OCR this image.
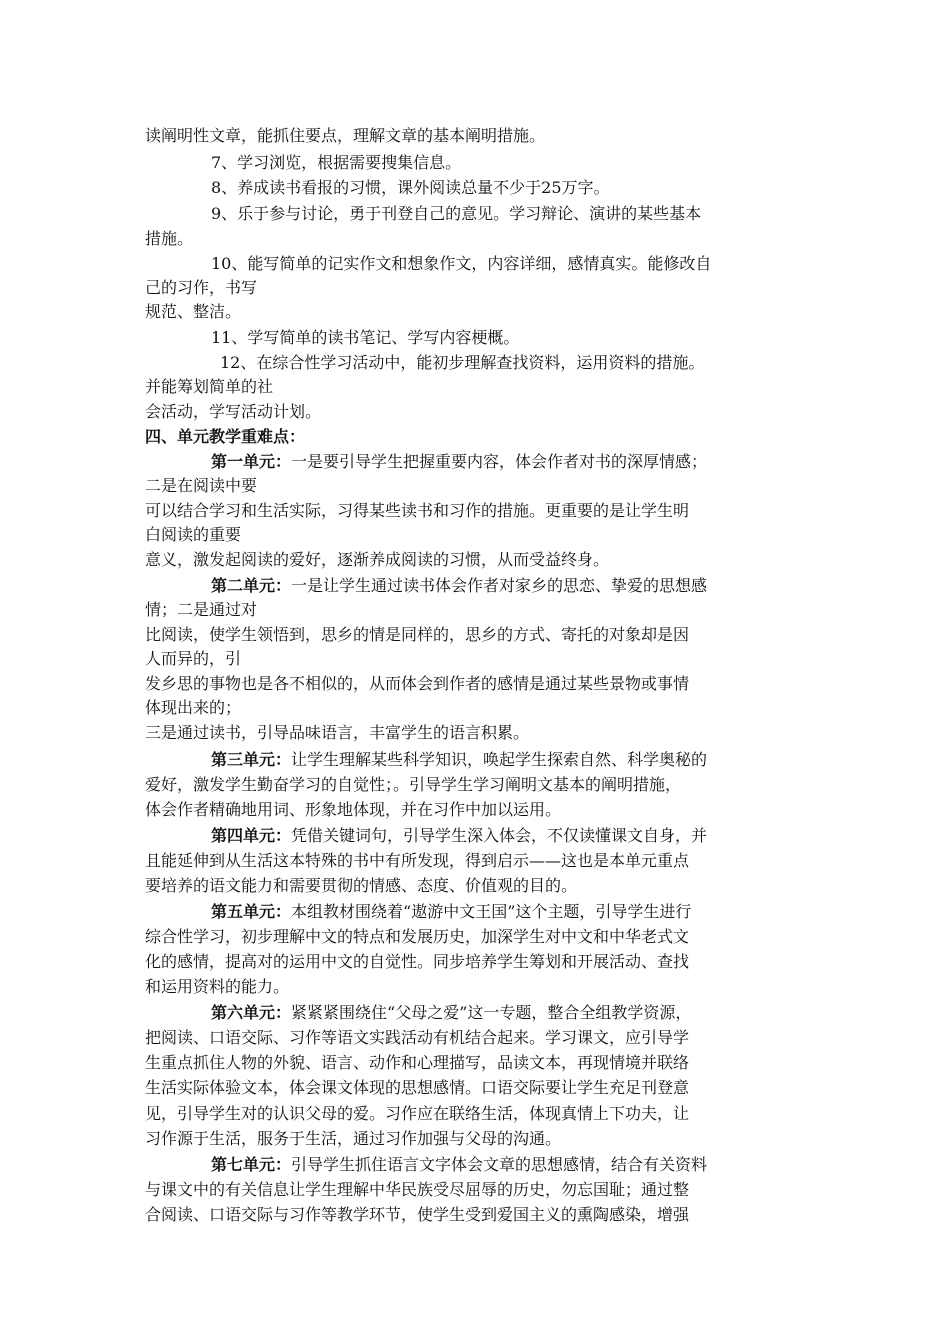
读阐明性文章，能抓住要点，理解文章的基本阐明措施。
7、学习浏览，根据需要搜集信息。
8、养成读书看报的习惯，课外阅读总量不少于25万字。
9、乐于参与讨论，勇于刊登自己的意见。学习辩论、演讲的某些基本
措施。
10、能写简单的记实作文和想象作文，内容详细，感情真实。能修改自
己的习作，书写
规范、整洁。
11、学写简单的读书笔记、学写内容梗概。
12、在综合性学习活动中，能初步理解查找资料，运用资料的措施。
并能筹划简单的社
会活动，学写活动计划。
四、单元教学重难点：
第一单元：一是要引导学生把握重要内容，体会作者对书的深厚情感；
二是在阅读中要
可以结合学习和生活实际，习得某些读书和习作的措施。更重要的是让学生明
白阅读的重要
意义，激发起阅读的爱好，逐渐养成阅读的习惯，从而受益终身。
第二单元：一是让学生通过读书体会作者对家乡的思恋、挚爱的思想感
情；二是通过对
比阅读，使学生领悟到，思乡的情是同样的，思乡的方式、寄托的对象却是因
人而异的，引
发乡思的事物也是各不相似的，从而体会到作者的感情是通过某些景物或事情
体现出来的；
三是通过读书，引导品味语言，丰富学生的语言积累。
第三单元：让学生理解某些科学知识，唤起学生探索自然、科学奥秘的
爱好，激发学生勤奋学习的自觉性；。引导学生学习阐明文基本的阐明措施，
体会作者精确地用词、形象地体现，并在习作中加以运用。
第四单元：凭借关键词句，引导学生深入体会，不仅读懂课文自身，并
且能延伸到从生活这本特殊的书中有所发现，得到启示——这也是本单元重点
要培养的语文能力和需要贯彻的情感、态度、价值观的目的。
第五单元：本组教材围绕着“遨游中文王国”这个主题，引导学生进行
综合性学习，初步理解中文的特点和发展历史，加深学生对中文和中华老式文
化的感情，提高对的运用中文的自觉性。同步培养学生筹划和开展活动、查找
和运用资料的能力。
第六单元：紧紧紧围绕住“父母之爱”这一专题，整合全组教学资源，
把阅读、口语交际、习作等语文实践活动有机结合起来。学习课文，应引导学
生重点抓住人物的外貌、语言、动作和心理描写，品读文本，再现情境并联络
生活实际体验文本，体会课文体现的思想感情。口语交际要让学生充足刊登意
见，引导学生对的认识父母的爱。习作应在联络生活，体现真情上下功夫，让
习作源于生活，服务于生活，通过习作加强与父母的沟通。
第七单元：引导学生抓住语言文字体会文章的思想感情，结合有关资料
与课文中的有关信息让学生理解中华民族受尽屈辱的历史，勿忘国耻；通过整
合阅读、口语交际与习作等教学环节，使学生受到爱国主义的熏陶感染，增强
